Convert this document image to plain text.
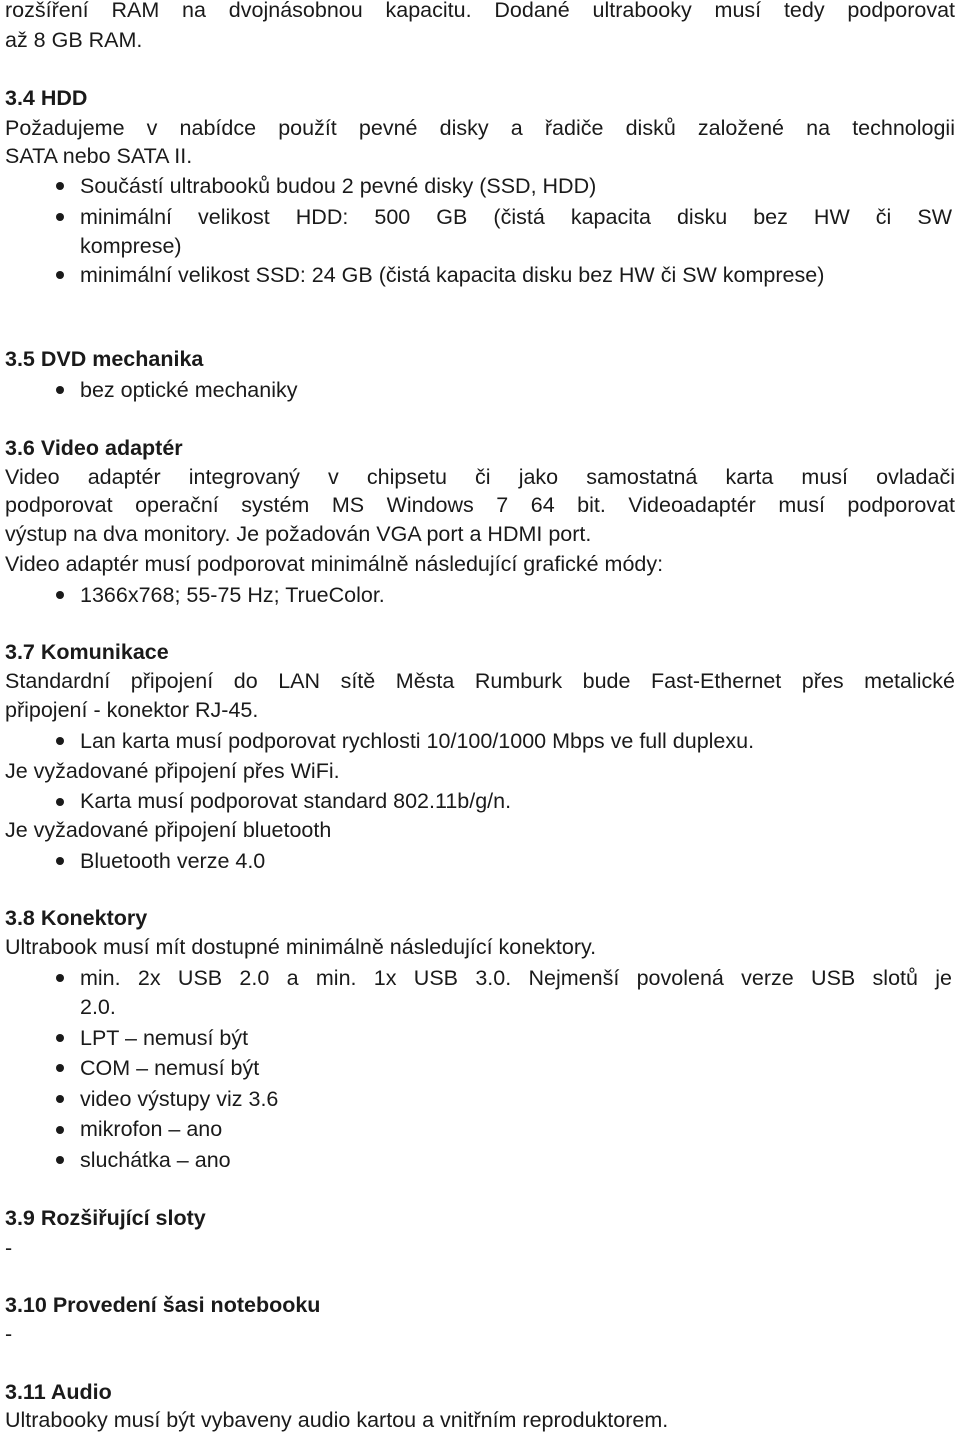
rozšíření RAM na dvojnásobnou kapacitu. Dodané ultrabooky musí tedy podporovat
až 8 GB RAM.
3.4 HDD
Požadujeme v nabídce použít pevné disky a řadiče disků založené na technologii
SATA nebo SATA II.
Součástí ultrabooků budou 2 pevné disky (SSD, HDD)
minimální velikost HDD: 500 GB (čistá kapacita disku bez HW či SW
komprese)
minimální velikost SSD: 24 GB (čistá kapacita disku bez HW či SW komprese)
3.5 DVD mechanika
bez optické mechaniky
3.6 Video adaptér
Video adaptér integrovaný v chipsetu či jako samostatná karta musí ovladači
podporovat operační systém MS Windows 7 64 bit. Videoadaptér musí podporovat
výstup na dva monitory. Je požadován VGA port a HDMI port.
Video adaptér musí podporovat minimálně následující grafické módy:
1366x768; 55-75 Hz; TrueColor.
3.7 Komunikace
Standardní připojení do LAN sítě Města Rumburk bude Fast-Ethernet přes metalické
připojení - konektor RJ-45.
Lan karta musí podporovat rychlosti 10/100/1000 Mbps ve full duplexu.
Je vyžadované připojení přes WiFi.
Karta musí podporovat standard 802.11b/g/n.
Je vyžadované připojení bluetooth
Bluetooth verze 4.0
3.8 Konektory
Ultrabook musí mít dostupné minimálně následující konektory.
min. 2x USB 2.0 a min. 1x USB 3.0. Nejmenší povolená verze USB slotů je
2.0.
LPT – nemusí být
COM – nemusí být
video výstupy viz 3.6
mikrofon – ano
sluchátka – ano
3.9 Rozšiřující sloty
-
3.10 Provedení šasi notebooku
-
3.11 Audio
Ultrabooky musí být vybaveny audio kartou a vnitřním reproduktorem.
